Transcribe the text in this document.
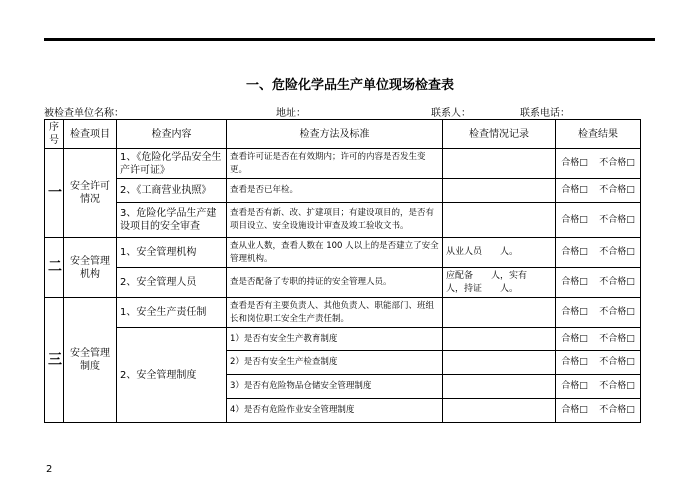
一、危险化学品生产单位现场检查表
被检查单位名称：	地址：	联系人：	联系电话：
序号	检查项目	检查内容	检查方法及标准	检查情况记录	检查结果
一	安全许可情况	1、《危险化学品安全生产许可证》	查看许可证是否在有效期内；许可的内容是否发生变更。		合格□ 不合格□
		2、《工商营业执照》	查看是否已年检。		合格□ 不合格□
		3、危险化学品生产建设项目的安全审查	查看是否有新、改、扩建项目；有建设项目的，是否有项目设立、安全设施设计审查及竣工验收文书。		合格□ 不合格□
二	安全管理机构	1、安全管理机构	查从业人数，查看人数在 100 人以上的是否建立了安全管理机构。	从业人员　　人。	合格□ 不合格□
		2、安全管理人员	查是否配备了专职的持证的安全管理人员。	应配备　　人，实有　　人，持证　　人。	合格□ 不合格□
三	安全管理制度	1、安全生产责任制	查看是否有主要负责人、其他负责人、职能部门、班组长和岗位职工安全生产责任制。		合格□ 不合格□
		2、安全管理制度	1）是否有安全生产教育制度		合格□ 不合格□
			2）是否有安全生产检查制度		合格□ 不合格□
			3）是否有危险物品仓储安全管理制度		合格□ 不合格□
			4）是否有危险作业安全管理制度		合格□ 不合格□
2
